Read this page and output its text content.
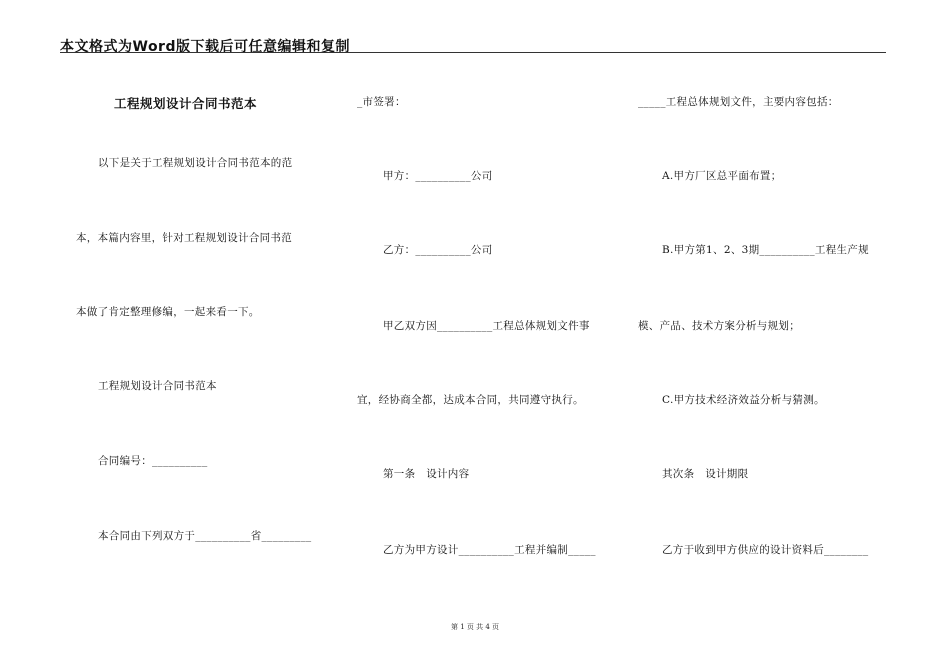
本文格式为Word版下载后可任意编辑和复制
工程规划设计合同书范本
以下是关于工程规划设计合同书范本的范
本，本篇内容里，针对工程规划设计合同书范
本做了肯定整理修编，一起来看一下。
工程规划设计合同书范本
合同编号：__________
本合同由下列双方于__________省_________
_市签署：
甲方：__________公司
乙方：__________公司
甲乙双方因__________工程总体规划文件事
宜，经协商全都，达成本合同，共同遵守执行。
第一条　设计内容
乙方为甲方设计__________工程并编制_____
_____工程总体规划文件，主要内容包括：
A.甲方厂区总平面布置；
B.甲方第1、2、3期__________工程生产规
模、产品、技术方案分析与规划；
C.甲方技术经济效益分析与猜测。
其次条　设计期限
乙方于收到甲方供应的设计资料后________
第 1 页 共 4 页
